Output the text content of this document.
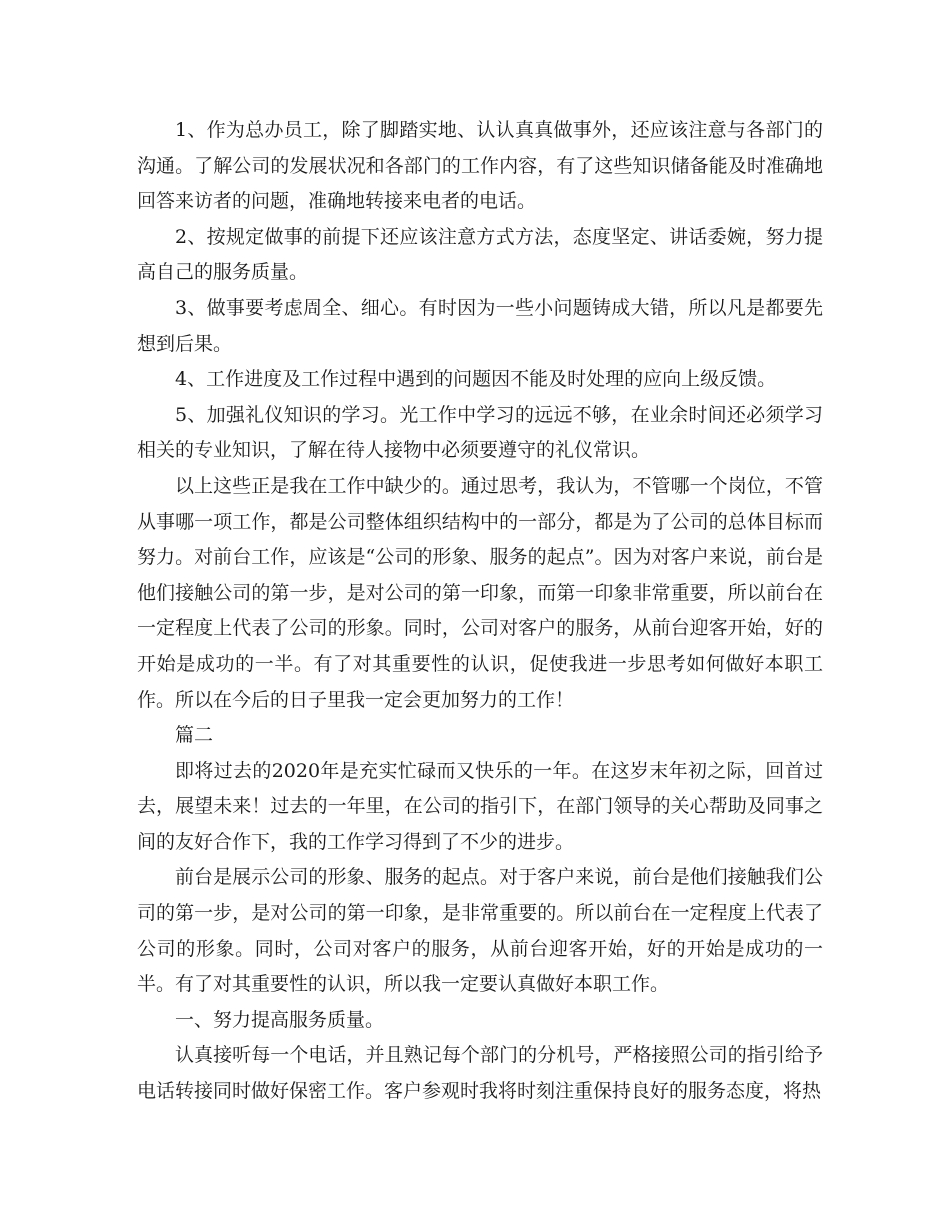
1、作为总办员工，除了脚踏实地、认认真真做事外，还应该注意与各部门的沟通。了解公司的发展状况和各部门的工作内容，有了这些知识储备能及时准确地回答来访者的问题，准确地转接来电者的电话。

2、按规定做事的前提下还应该注意方式方法，态度坚定、讲话委婉，努力提高自己的服务质量。

3、做事要考虑周全、细心。有时因为一些小问题铸成大错，所以凡是都要先想到后果。

4、工作进度及工作过程中遇到的问题因不能及时处理的应向上级反馈。

5、加强礼仪知识的学习。光工作中学习的远远不够，在业余时间还必须学习相关的专业知识，了解在待人接物中必须要遵守的礼仪常识。

以上这些正是我在工作中缺少的。通过思考，我认为，不管哪一个岗位，不管从事哪一项工作，都是公司整体组织结构中的一部分，都是为了公司的总体目标而努力。对前台工作，应该是“公司的形象、服务的起点”。因为对客户来说，前台是他们接触公司的第一步，是对公司的第一印象，而第一印象非常重要，所以前台在一定程度上代表了公司的形象。同时，公司对客户的服务，从前台迎客开始，好的开始是成功的一半。有了对其重要性的认识，促使我进一步思考如何做好本职工作。所以在今后的日子里我一定会更加努力的工作！

篇二

即将过去的2020年是充实忙碌而又快乐的一年。在这岁末年初之际，回首过去，展望未来！过去的一年里，在公司的指引下，在部门领导的关心帮助及同事之间的友好合作下，我的工作学习得到了不少的进步。

前台是展示公司的形象、服务的起点。对于客户来说，前台是他们接触我们公司的第一步，是对公司的第一印象，是非常重要的。所以前台在一定程度上代表了公司的形象。同时，公司对客户的服务，从前台迎客开始，好的开始是成功的一半。有了对其重要性的认识，所以我一定要认真做好本职工作。

一、努力提高服务质量。

认真接听每一个电话，并且熟记每个部门的分机号，严格接照公司的指引给予电话转接同时做好保密工作。客户参观时我将时刻注重保持良好的服务态度，将热
